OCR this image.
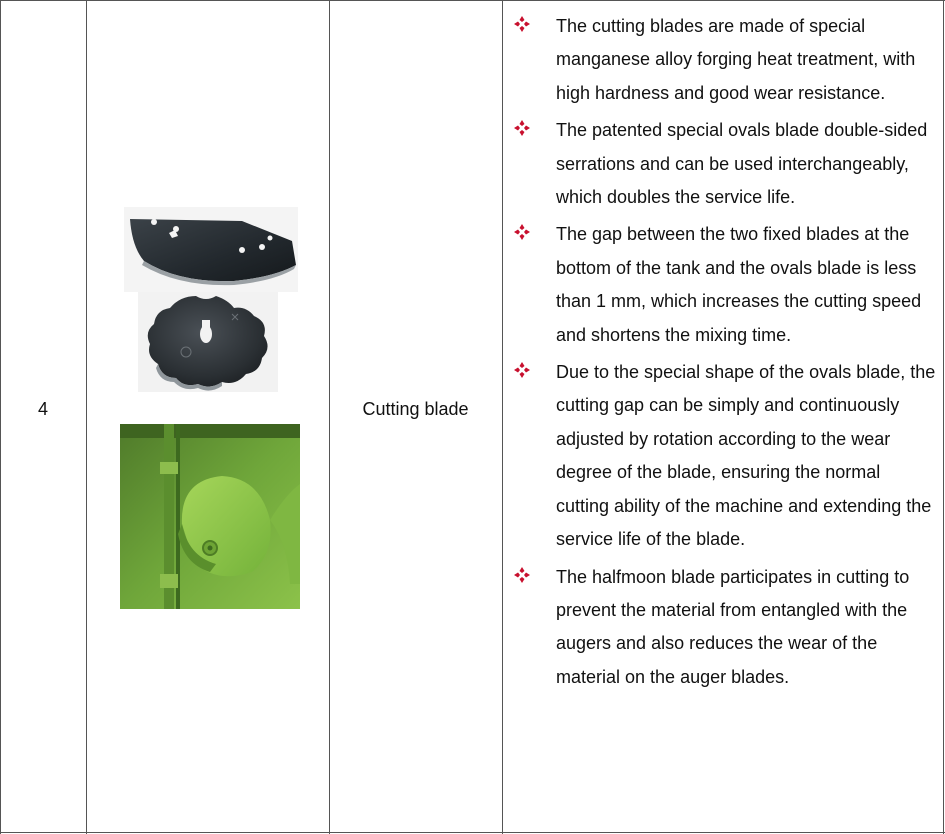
4	Cutting blade
The cutting blades are made of special manganese alloy forging heat treatment, with high hardness and good wear resistance.
The patented special ovals blade double-sided serrations and can be used interchangeably, which doubles the service life.
The gap between the two fixed blades at the bottom of the tank and the ovals blade is less than 1 mm, which increases the cutting speed and shortens the mixing time.
Due to the special shape of the ovals blade, the cutting gap can be simply and continuously adjusted by rotation according to the wear degree of the blade, ensuring the normal cutting ability of the machine and extending the service life of the blade.
The halfmoon blade participates in cutting to prevent the material from entangled with the augers and also reduces the wear of the material on the auger blades.
